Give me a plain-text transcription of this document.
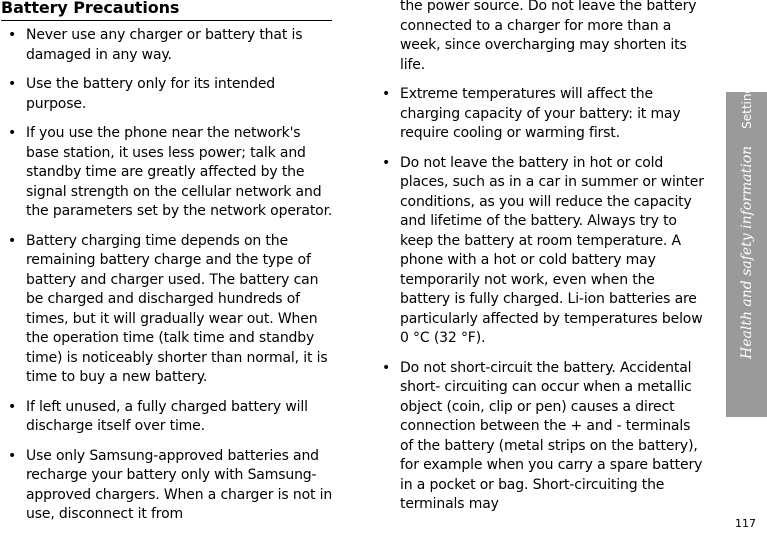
Battery Precautions
• Never use any charger or battery that is damaged in any way.
• Use the battery only for its intended purpose.
• If you use the phone near the network's base station, it uses less power; talk and standby time are greatly affected by the signal strength on the cellular network and the parameters set by the network operator.
• Battery charging time depends on the remaining battery charge and the type of battery and charger used. The battery can be charged and discharged hundreds of times, but it will gradually wear out. When the operation time (talk time and standby time) is noticeably shorter than normal, it is time to buy a new battery.
• If left unused, a fully charged battery will discharge itself over time.
• Use only Samsung-approved batteries and recharge your battery only with Samsung-approved chargers. When a charger is not in use, disconnect it from
the power source. Do not leave the battery connected to a charger for more than a week, since overcharging may shorten its life.
• Extreme temperatures will affect the charging capacity of your battery: it may require cooling or warming first.
• Do not leave the battery in hot or cold places, such as in a car in summer or winter conditions, as you will reduce the capacity and lifetime of the battery. Always try to keep the battery at room temperature. A phone with a hot or cold battery may temporarily not work, even when the battery is fully charged. Li-ion batteries are particularly affected by temperatures below 0 °C (32 °F).
• Do not short-circuit the battery. Accidental short- circuiting can occur when a metallic object (coin, clip or pen) causes a direct connection between the + and - terminals of the battery (metal strips on the battery), for example when you carry a spare battery in a pocket or bag. Short-circuiting the terminals may
Health and safety information
Settings
117
